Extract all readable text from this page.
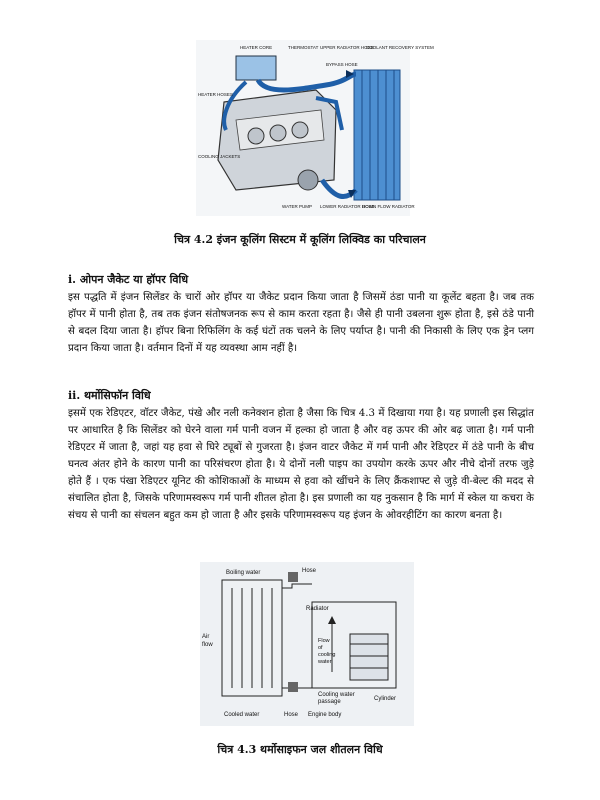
HEATER CORE	THERMOSTAT UPPER RADIATOR HOSE
COOLANT RECOVERY SYSTEM
HEATER HOSES
BYPASS HOSE
COOLING JACKETS
WATER PUMP LOWER RADIATOR HOSE
DOWN FLOW RADIATOR
चित्र 4.2 इंजन कूलिंग सिस्टम में कूलिंग लिक्विड का परिचालन
i. ओपन जैकेट या हॉपर विधि
इस पद्धति में इंजन सिलेंडर के चारों ओर हॉपर या जैकेट प्रदान किया जाता है जिसमें ठंडा पानी या कूलेंट बहता है। जब तक हॉपर में पानी होता है, तब तक इंजन संतोषजनक रूप से काम करता रहता है। जैसे ही पानी उबलना शुरू होता है, इसे ठंडे पानी से बदल दिया जाता है। हॉपर बिना रिफिलिंग के कई घंटों तक चलने के लिए पर्याप्त है। पानी की निकासी के लिए एक ड्रेन प्लग प्रदान किया जाता है। वर्तमान दिनों में यह व्यवस्था आम नहीं है।
ii. थर्मोसिफॉन विधि
इसमें एक रेडिएटर, वॉटर जैकेट, पंखे और नली कनेक्शन होता है जैसा कि चित्र 4.3 में दिखाया गया है। यह प्रणाली इस सिद्धांत पर आधारित है कि सिलेंडर को घेरने वाला गर्म पानी वजन में हल्का हो जाता है और वह ऊपर की ओर बढ़ जाता है। गर्म पानी रेडिएटर में जाता है, जहां यह हवा से घिरे ट्यूबों से गुजरता है। इंजन वाटर जैकेट में गर्म पानी और रेडिएटर में ठंडे पानी के बीच घनत्व अंतर होने के कारण पानी का परिसंचरण होता है। ये दोनों नली पाइप का उपयोग करके ऊपर और नीचे दोनों तरफ जुड़े होते हैं । एक पंखा रेडिएटर यूनिट की कोशिकाओं के माध्यम से हवा को खींचने के लिए क्रैंकशाफ्ट से जुड़े वी-बेल्ट की मदद से संचालित होता है, जिसके परिणामस्वरूप गर्म पानी शीतल होता है। इस प्रणाली का यह नुकसान है कि मार्ग में स्केल या कचरा के संचय से पानी का संचलन बहुत कम हो जाता है और इसके परिणामस्वरूप यह इंजन के ओवरहीटिंग का कारण बनता है।
Boiling water	Hose
Radiator
Air
flow
Flow
of
cooling
water
Cooling water
passage	Cylinder
Cooled water	Hose Engine body
चित्र 4.3 थर्मोसाइफन जल शीतलन विधि
